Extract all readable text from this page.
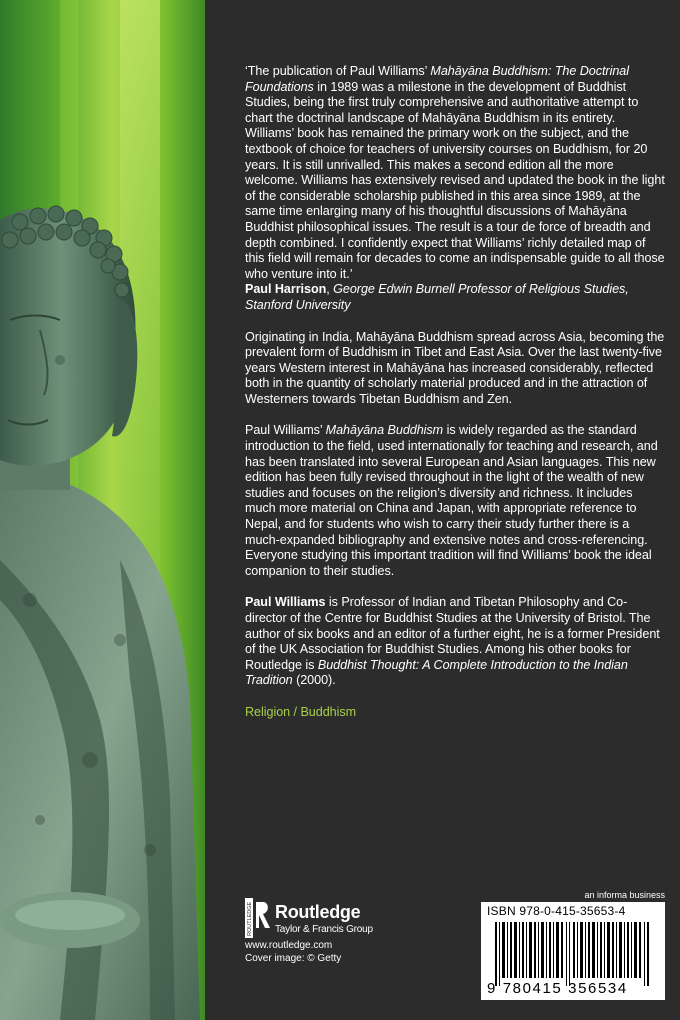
‘The publication of Paul Williams’ Mahāyāna Buddhism: The Doctrinal Foundations in 1989 was a milestone in the development of Buddhist Studies, being the first truly comprehensive and authoritative attempt to chart the doctrinal landscape of Mahāyāna Buddhism in its entirety. Williams’ book has remained the primary work on the subject, and the textbook of choice for teachers of university courses on Buddhism, for 20 years. It is still unrivalled. This makes a second edition all the more welcome. Williams has extensively revised and updated the book in the light of the considerable scholarship published in this area since 1989, at the same time enlarging many of his thoughtful discussions of Mahāyāna Buddhist philosophical issues. The result is a tour de force of breadth and depth combined. I confidently expect that Williams’ richly detailed map of this field will remain for decades to come an indispensable guide to all those who venture into it.’

Paul Harrison, George Edwin Burnell Professor of Religious Studies, Stanford University

Originating in India, Mahāyāna Buddhism spread across Asia, becoming the prevalent form of Buddhism in Tibet and East Asia. Over the last twenty-five years Western interest in Mahāyāna has increased considerably, reflected both in the quantity of scholarly material produced and in the attraction of Westerners towards Tibetan Buddhism and Zen.

Paul Williams’ Mahāyāna Buddhism is widely regarded as the standard introduction to the field, used internationally for teaching and research, and has been translated into several European and Asian languages. This new edition has been fully revised throughout in the light of the wealth of new studies and focuses on the religion’s diversity and richness. It includes much more material on China and Japan, with appropriate reference to Nepal, and for students who wish to carry their study further there is a much-expanded bibliography and extensive notes and cross-referencing. Everyone studying this important tradition will find Williams’ book the ideal companion to their studies.

Paul Williams is Professor of Indian and Tibetan Philosophy and Co-director of the Centre for Buddhist Studies at the University of Bristol. The author of six books and an editor of a further eight, he is a former President of the UK Association for Buddhist Studies. Among his other books for Routledge is Buddhist Thought: A Complete Introduction to the Indian Tradition (2000).

Religion / Buddhism
an informa business
ROUTLEDGE Routledge
Taylor & Francis Group
www.routledge.com
Cover image: © Getty
ISBN 978-0-415-35653-4
9 780415 356534
